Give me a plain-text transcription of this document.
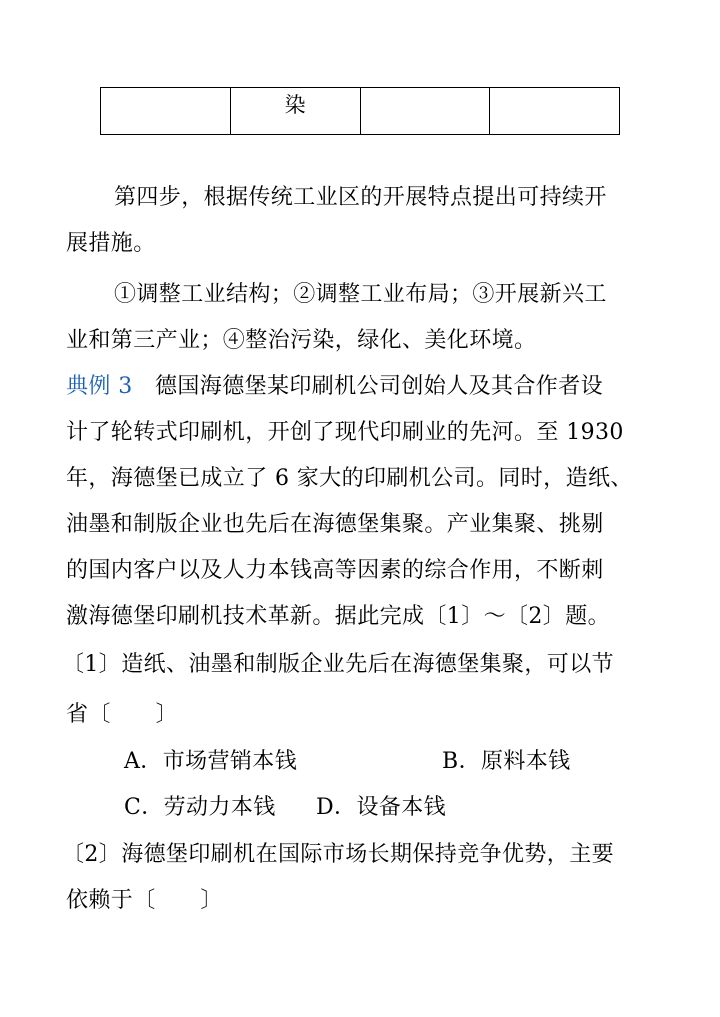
	染		
第四步，根据传统工业区的开展特点提出可持续开
展措施。
①调整工业结构；②调整工业布局；③开展新兴工
业和第三产业；④整治污染，绿化、美化环境。
典例 3　 德国海德堡某印刷机公司创始人及其合作者设
计了轮转式印刷机，开创了现代印刷业的先河。至 1930
年，海德堡已成立了 6 家大的印刷机公司。同时，造纸、
油墨和制版企业也先后在海德堡集聚。产业集聚、挑剔
的国内客户以及人力本钱高等因素的综合作用，不断刺
激海德堡印刷机技术革新。据此完成〔1〕～〔2〕题。
〔1〕造纸、油墨和制版企业先后在海德堡集聚，可以节
省〔　　〕
A．市场营销本钱	B．原料本钱
C．劳动力本钱 D．设备本钱
〔2〕海德堡印刷机在国际市场长期保持竞争优势，主要
依赖于〔　　〕
